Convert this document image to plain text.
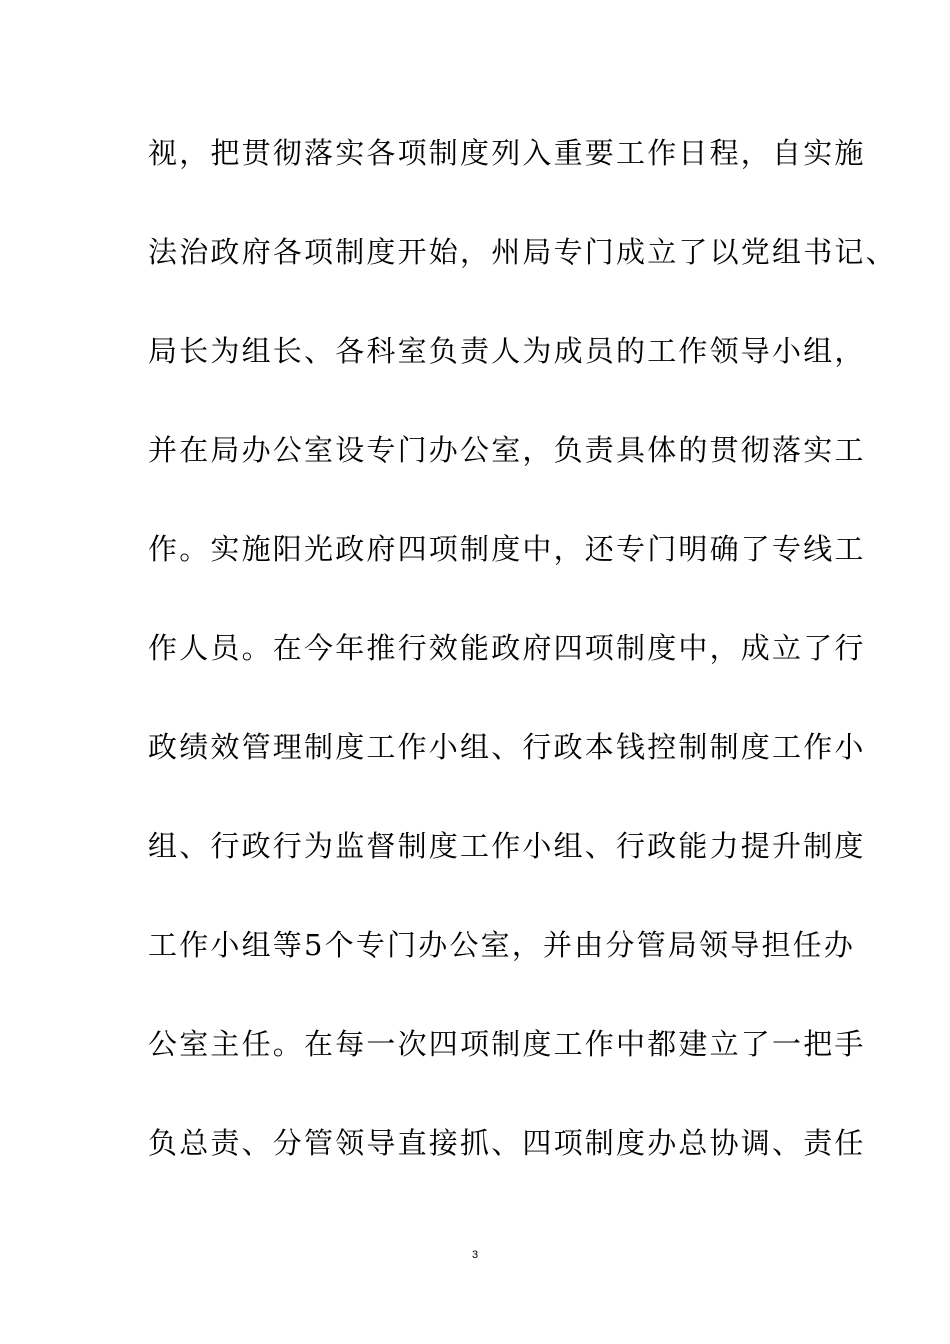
视，把贯彻落实各项制度列入重要工作日程，自实施
法治政府各项制度开始，州局专门成立了以党组书记、
局长为组长、各科室负责人为成员的工作领导小组，
并在局办公室设专门办公室，负责具体的贯彻落实工
作。实施阳光政府四项制度中，还专门明确了专线工
作人员。在今年推行效能政府四项制度中，成立了行
政绩效管理制度工作小组、行政本钱控制制度工作小
组、行政行为监督制度工作小组、行政能力提升制度
工作小组等5个专门办公室，并由分管局领导担任办
公室主任。在每一次四项制度工作中都建立了一把手
负总责、分管领导直接抓、四项制度办总协调、责任
3
